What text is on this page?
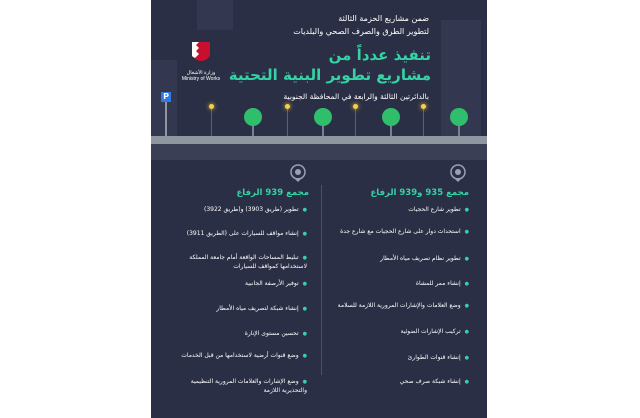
ضمن مشاريع الحزمة الثالثة
لتطوير الطرق والصرف الصحي والبلديات
تنفيذ عدداً من
مشاريع تطوير البنية التحتية
بالدائرتين الثالثة والرابعة في المحافظة الجنوبية
وزارة الأشغال
Ministry of Works
P
مجمع 935 و939 الرفاع
مجمع 939 الرفاع
● تطوير شارع الحجيات
● استحداث دوار على شارع الحجيات مع شارع جدة
● تطوير نظام تصريف مياه الأمطار
● إنشاء ممر للمشاة
● وضع العلامات والإشارات المرورية اللازمة للسلامة
● تركيب الإشارات الضوئية
● إنشاء قنوات الطوارئ
● إنشاء شبكة صرف صحي
● تطوير (طريق 3903) و(طريق 3922)
● إنشاء مواقف للسيارات على (الطريق 3911)
● تبليط المساحات الواقعة أمام جامعة المملكة لاستخدامها كمواقف للسيارات
● توفير الأرصفة الجانبية
● إنشاء شبكة لتصريف مياه الأمطار
● تحسين مستوى الإنارة
● وضع قنوات أرضية لاستخدامها من قبل الخدمات
● وضع الإشارات والعلامات المرورية التنظيمية والتحذيرية اللازمة
